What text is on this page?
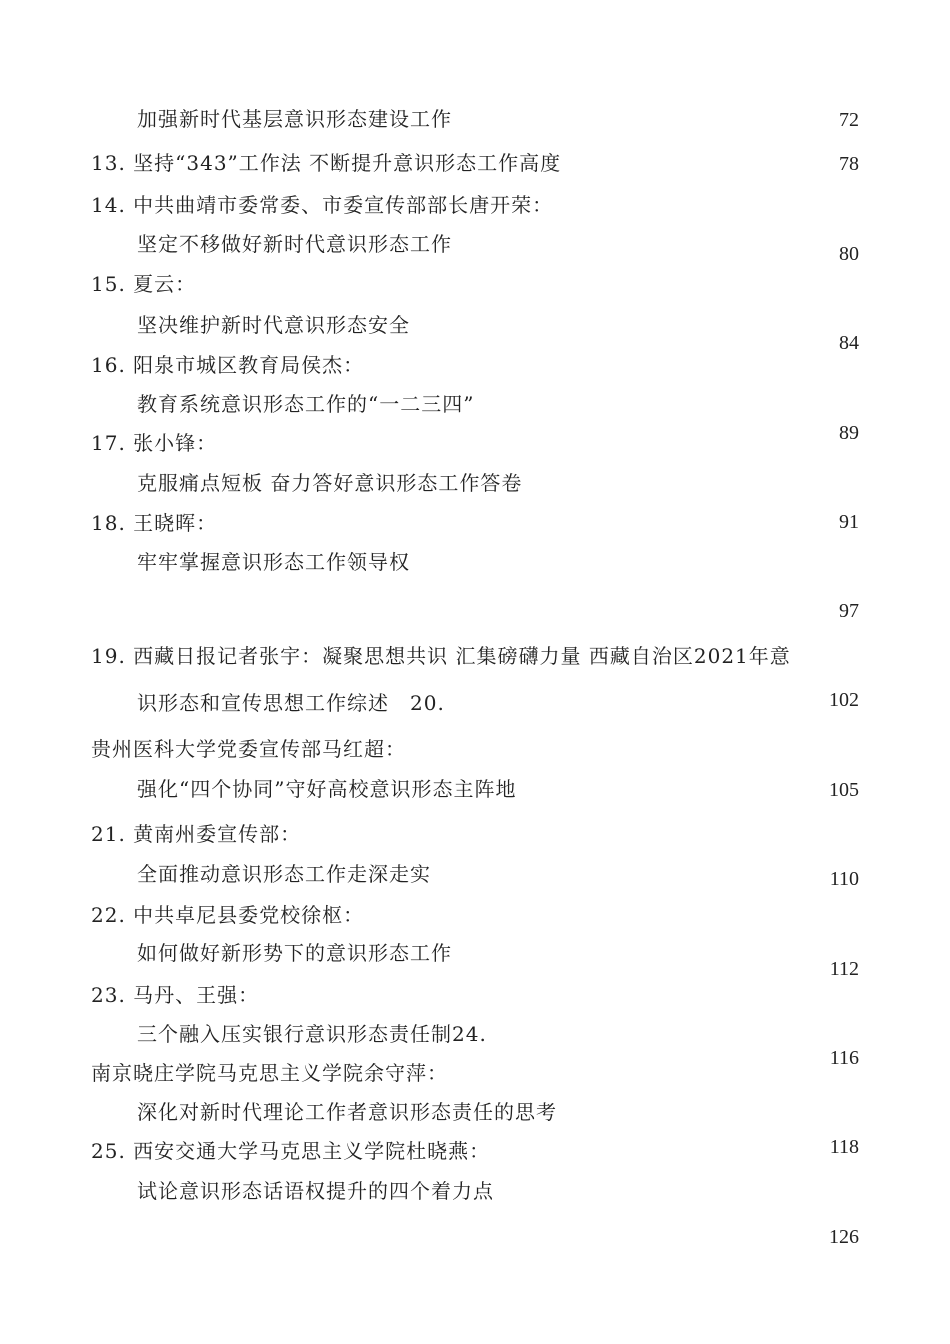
加强新时代基层意识形态建设工作
13. 坚持“343”工作法 不断提升意识形态工作高度
14. 中共曲靖市委常委、市委宣传部部长唐开荣：
坚定不移做好新时代意识形态工作
15. 夏云：
坚决维护新时代意识形态安全
16. 阳泉市城区教育局侯杰：
教育系统意识形态工作的“一二三四”
17. 张小锋：
克服痛点短板 奋力答好意识形态工作答卷
18. 王晓晖：
牢牢掌握意识形态工作领导权
19. 西藏日报记者张宇：凝聚思想共识 汇集磅礴力量 西藏自治区2021年意
识形态和宣传思想工作综述　20.
贵州医科大学党委宣传部马红超：
强化“四个协同”守好高校意识形态主阵地
21. 黄南州委宣传部：
全面推动意识形态工作走深走实
22. 中共卓尼县委党校徐枢：
如何做好新形势下的意识形态工作
23. 马丹、王强：
三个融入压实银行意识形态责任制24.
南京晓庄学院马克思主义学院余守萍：
深化对新时代理论工作者意识形态责任的思考
25. 西安交通大学马克思主义学院杜晓燕：
试论意识形态话语权提升的四个着力点
72
78
80
84
89
91
97
102
105
110
112
116
118
126
